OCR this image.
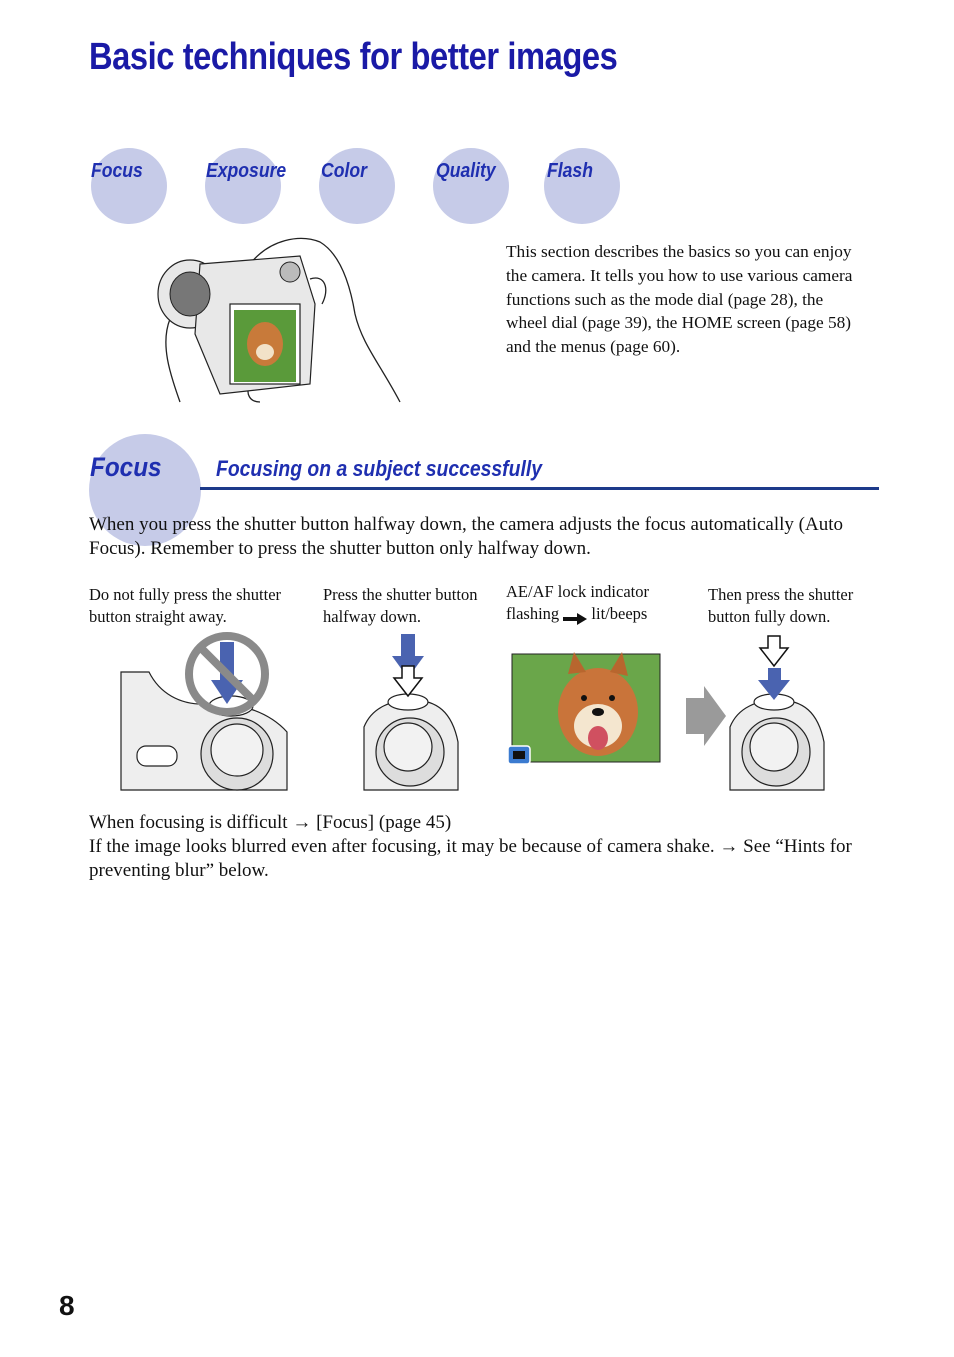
Basic techniques for better images
Focus	Exposure Color	Quality	Flash
This section describes the basics so you can enjoy the camera. It tells you how to use various camera functions such as the mode dial (page 28), the wheel dial (page 39), the HOME screen (page 58) and the menus (page 60).
Focus Focusing on a subject successfully
When you press the shutter button halfway down, the camera adjusts the focus automatically (Auto Focus). Remember to press the shutter button only halfway down.
Do not fully press the shutter button straight away.
Press the shutter button halfway down.
AE/AF lock indicator
flashing lit/beeps
Then press the shutter button fully down.
When focusing is difficult → [Focus] (page 45)
If the image looks blurred even after focusing, it may be because of camera shake. → See “Hints for preventing blur” below.
8
